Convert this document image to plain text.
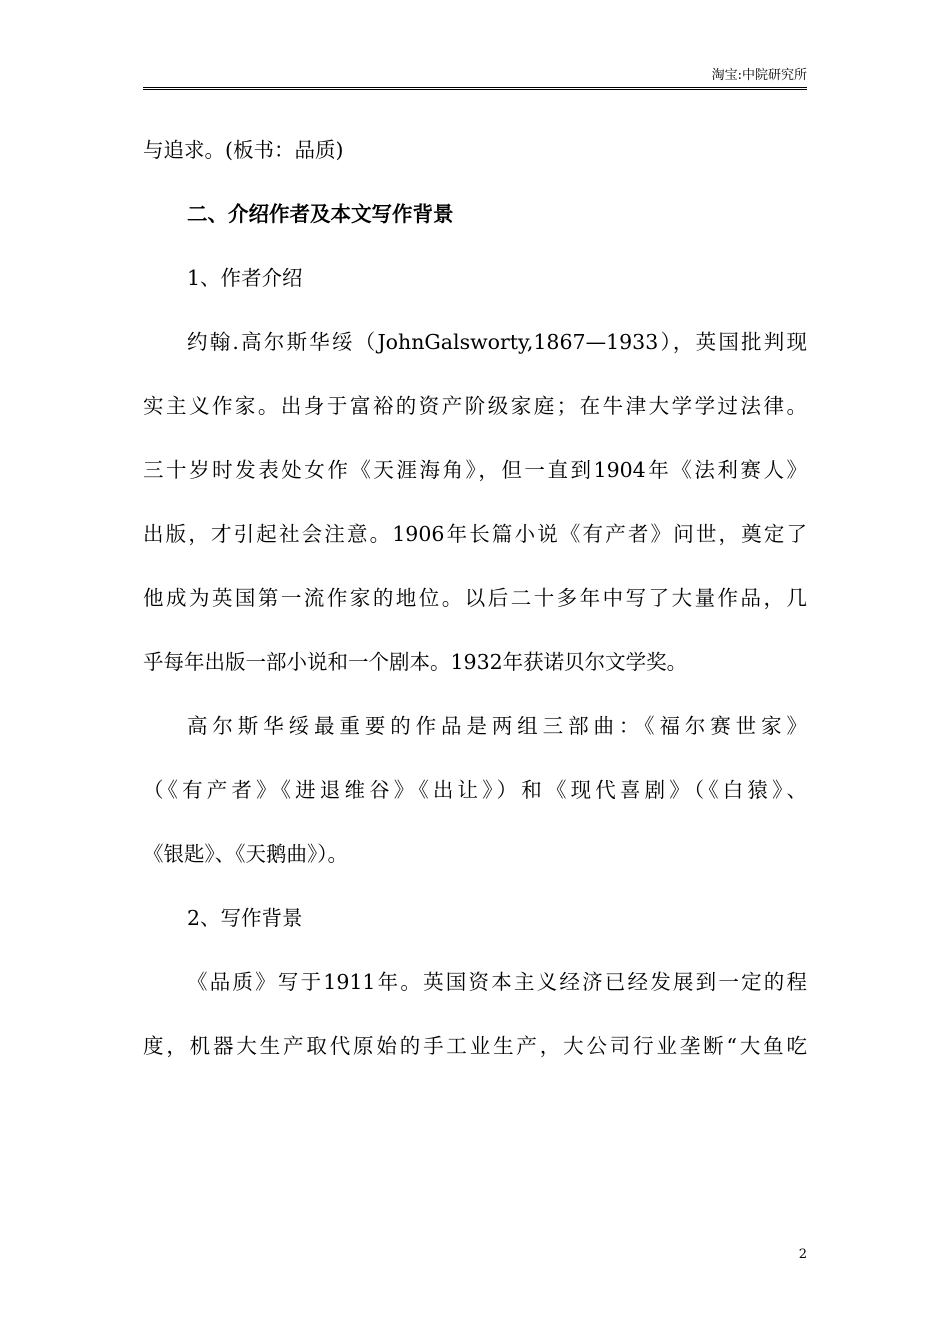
淘宝:中院研究所
与追求。(板书：品质)
二、介绍作者及本文写作背景
1、作者介绍
约翰.高尔斯华绥（JohnGalsworty,1867—1933），英国批判现
实主义作家。出身于富裕的资产阶级家庭；在牛津大学学过法律。
三十岁时发表处女作《天涯海角》，但一直到1904年《法利赛人》
出版，才引起社会注意。1906年长篇小说《有产者》问世，奠定了
他成为英国第一流作家的地位。以后二十多年中写了大量作品，几
乎每年出版一部小说和一个剧本。1932年获诺贝尔文学奖。
高尔斯华绥最重要的作品是两组三部曲：《福尔赛世家》
（《有产者》《进退维谷》《出让》）和《现代喜剧》（《白猿》、
《银匙》、《天鹅曲》）。
2、写作背景
《品质》写于1911年。英国资本主义经济已经发展到一定的程
度，机器大生产取代原始的手工业生产，大公司行业垄断“大鱼吃
2
